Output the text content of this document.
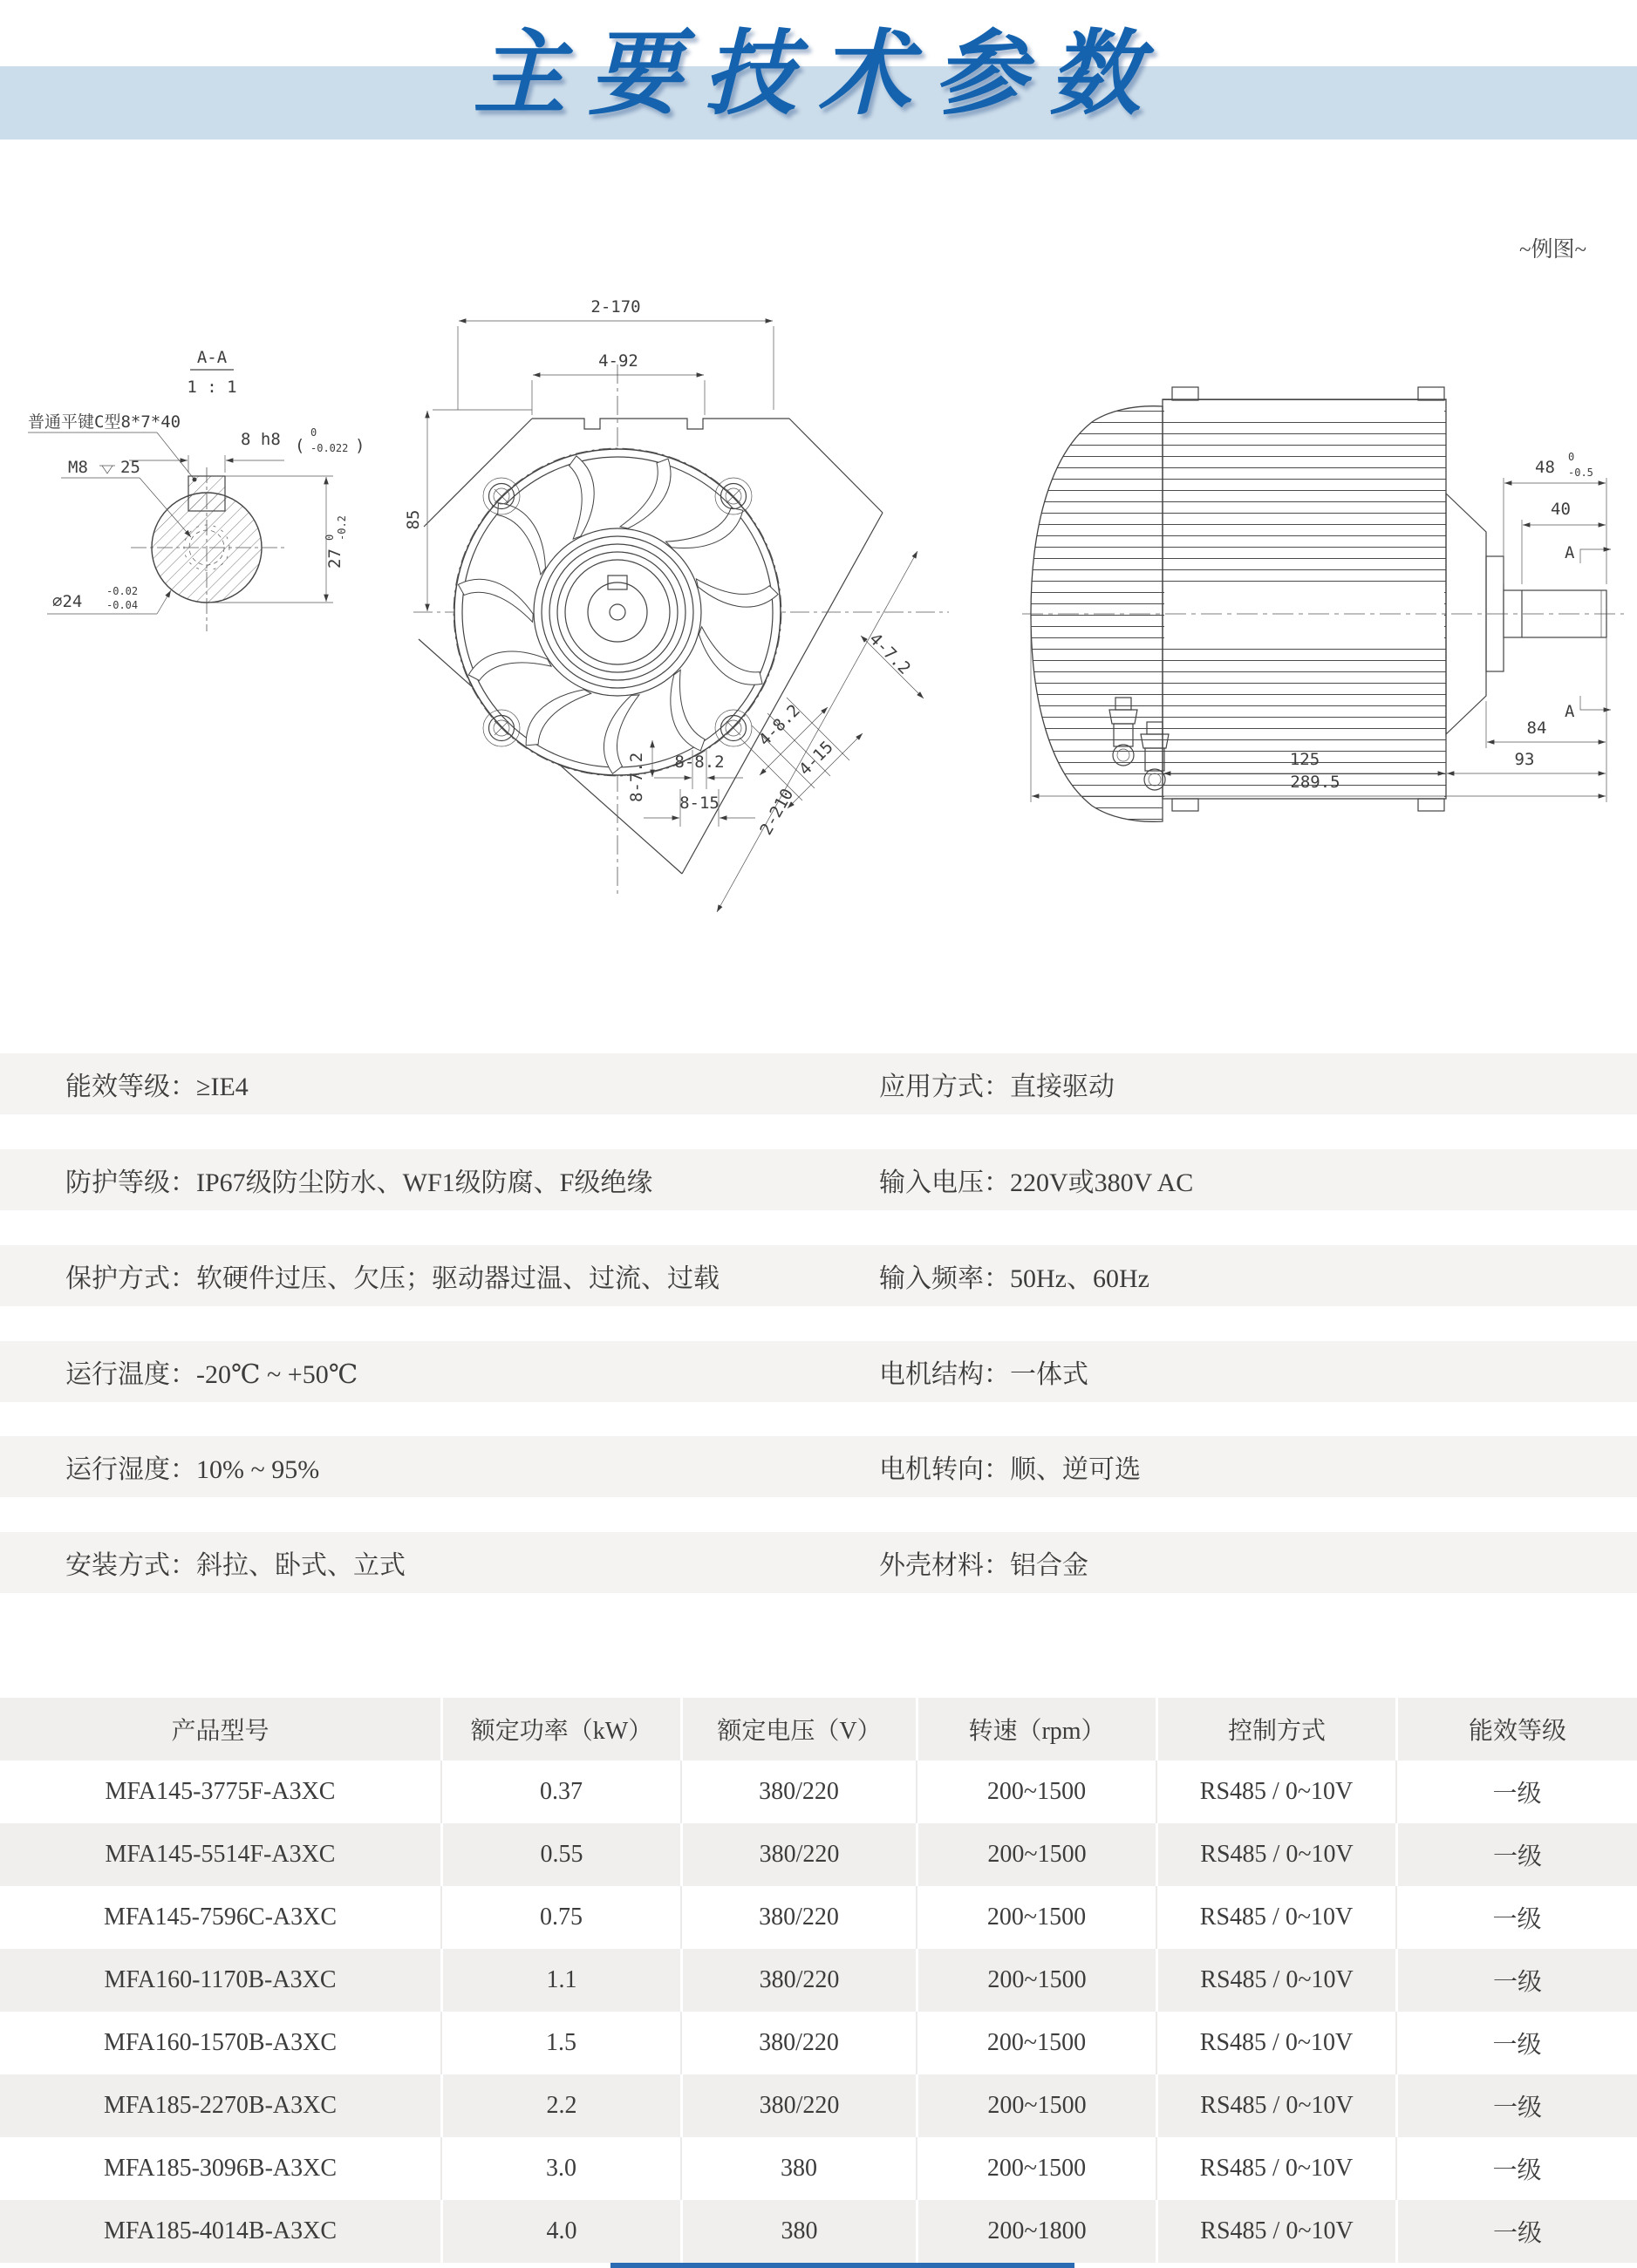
主要技术参数
~例图~
A-A
1 : 1
8 h8 (
0
-0.022 )
普通平键C型8*7*40
M8 25
27
0 -0.2
∅24
-0.02
-0.04
2-170
4-92
85
2-210
4-8.2
4-15
4-7.2
8-8.2
8-15
8-7.2
48
0
-0.5
40
A
A
84
125	93
289.5
能效等级：≥IE4	应用方式：直接驱动
防护等级：IP67级防尘防水、WF1级防腐、F级绝缘	输入电压：220V或380V AC
保护方式：软硬件过压、欠压；驱动器过温、过流、过载	输入频率：50Hz、60Hz
运行温度：-20℃ ~ +50℃	电机结构：一体式
运行湿度：10% ~ 95%	电机转向：顺、逆可选
安装方式：斜拉、卧式、立式	外壳材料：铝合金
产品型号	额定功率（kW）	额定电压（V）	转速（rpm）	控制方式	能效等级
MFA145-3775F-A3XC	0.37	380/220	200~1500	RS485 / 0~10V	一级
MFA145-5514F-A3XC	0.55	380/220	200~1500	RS485 / 0~10V	一级
MFA145-7596C-A3XC	0.75	380/220	200~1500	RS485 / 0~10V	一级
MFA160-1170B-A3XC	1.1	380/220	200~1500	RS485 / 0~10V	一级
MFA160-1570B-A3XC	1.5	380/220	200~1500	RS485 / 0~10V	一级
MFA185-2270B-A3XC	2.2	380/220	200~1500	RS485 / 0~10V	一级
MFA185-3096B-A3XC	3.0	380	200~1500	RS485 / 0~10V	一级
MFA185-4014B-A3XC	4.0	380	200~1800	RS485 / 0~10V	一级
